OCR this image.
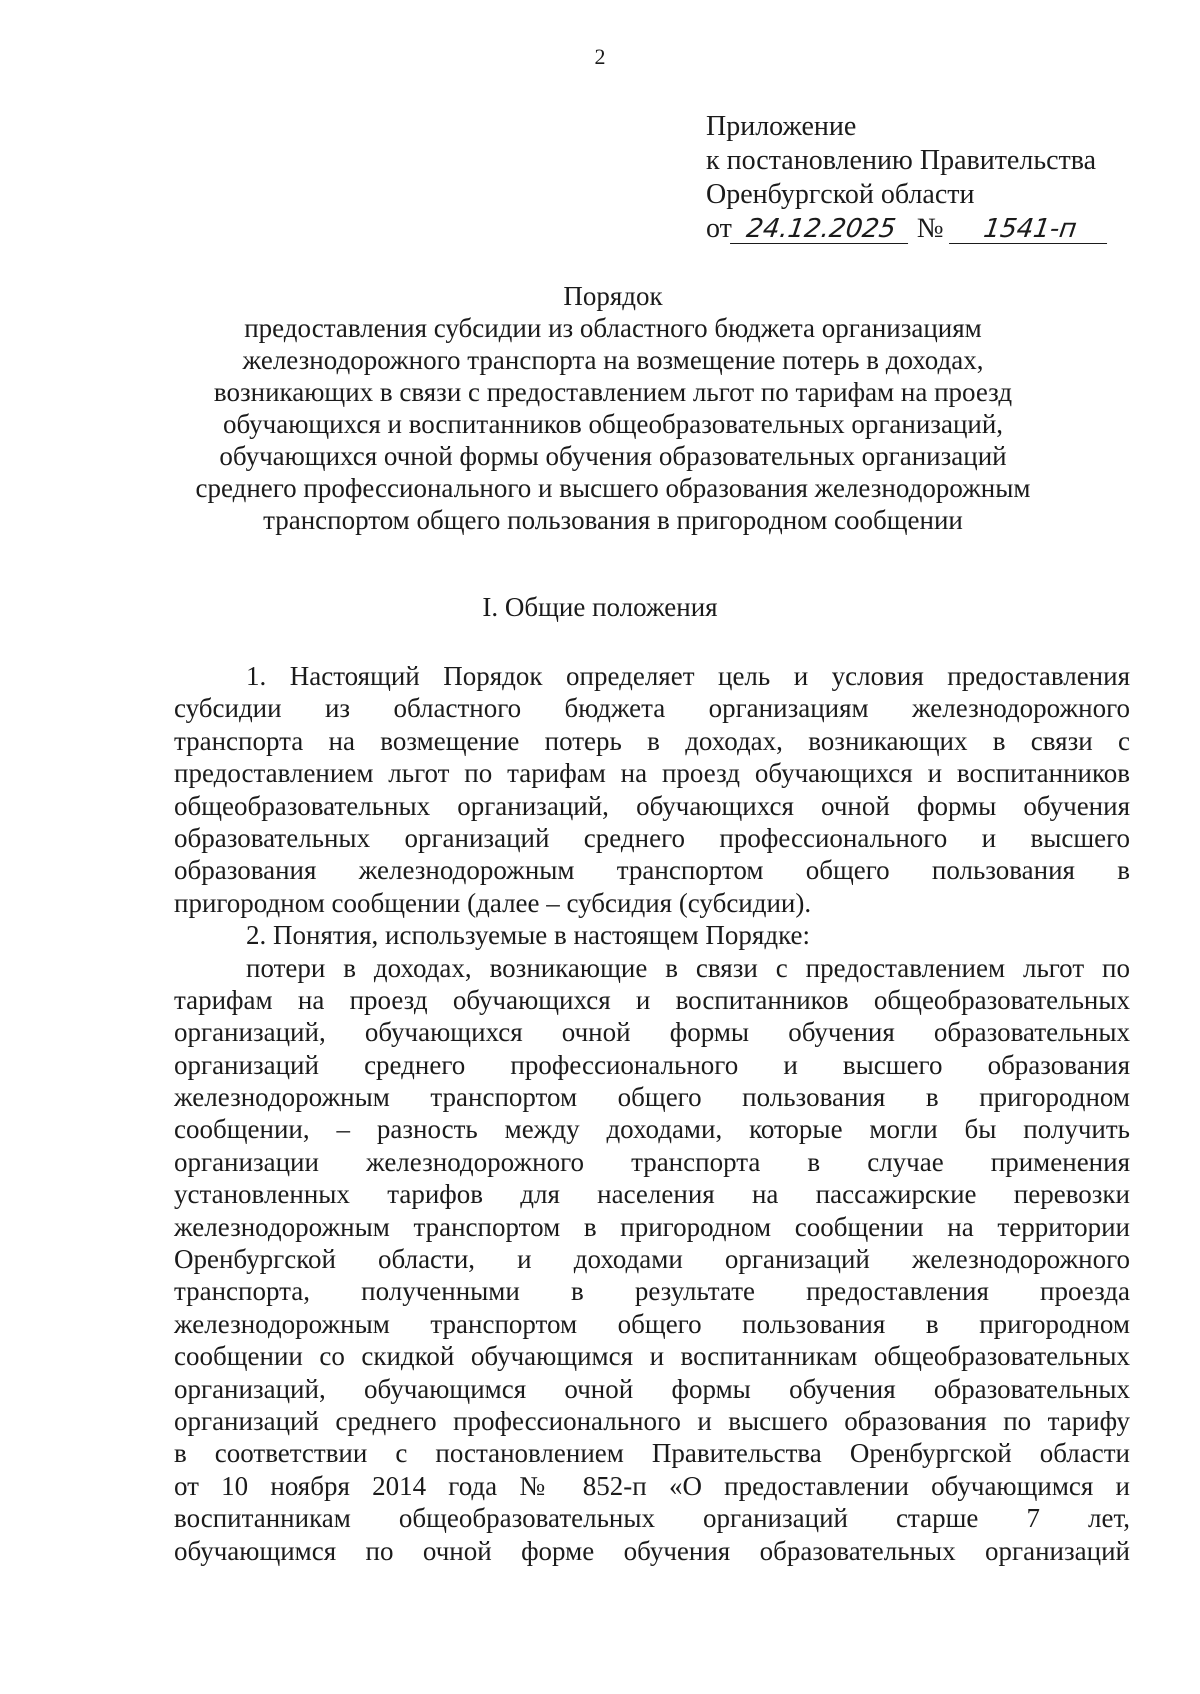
2
Приложение
к постановлению Правительства
Оренбургской области
от 24.12.2025 № 1541-п
Порядок
предоставления субсидии из областного бюджета организациям
железнодорожного транспорта на возмещение потерь в доходах,
возникающих в связи с предоставлением льгот по тарифам на проезд
обучающихся и воспитанников общеобразовательных организаций,
обучающихся очной формы обучения образовательных организаций
среднего профессионального и высшего образования железнодорожным
транспортом общего пользования в пригородном сообщении
I. Общие положения
1. Настоящий Порядок определяет цель и условия предоставления
субсидии из областного бюджета организациям железнодорожного
транспорта на возмещение потерь в доходах, возникающих в связи с
предоставлением льгот по тарифам на проезд обучающихся и воспитанников
общеобразовательных организаций, обучающихся очной формы обучения
образовательных организаций среднего профессионального и высшего
образования железнодорожным транспортом общего пользования в
пригородном сообщении (далее – субсидия (субсидии).
2. Понятия, используемые в настоящем Порядке:
потери в доходах, возникающие в связи с предоставлением льгот по
тарифам на проезд обучающихся и воспитанников общеобразовательных
организаций, обучающихся очной формы обучения образовательных
организаций среднего профессионального и высшего образования
железнодорожным транспортом общего пользования в пригородном
сообщении, – разность между доходами, которые могли бы получить
организации железнодорожного транспорта в случае применения
установленных тарифов для населения на пассажирские перевозки
железнодорожным транспортом в пригородном сообщении на территории
Оренбургской области, и доходами организаций железнодорожного
транспорта, полученными в результате предоставления проезда
железнодорожным транспортом общего пользования в пригородном
сообщении со скидкой обучающимся и воспитанникам общеобразовательных
организаций, обучающимся очной формы обучения образовательных
организаций среднего профессионального и высшего образования по тарифу
в соответствии с постановлением Правительства Оренбургской области
от 10 ноября 2014 года № 852-п «О предоставлении обучающимся и
воспитанникам общеобразовательных организаций старше 7 лет,
обучающимся по очной форме обучения образовательных организаций
